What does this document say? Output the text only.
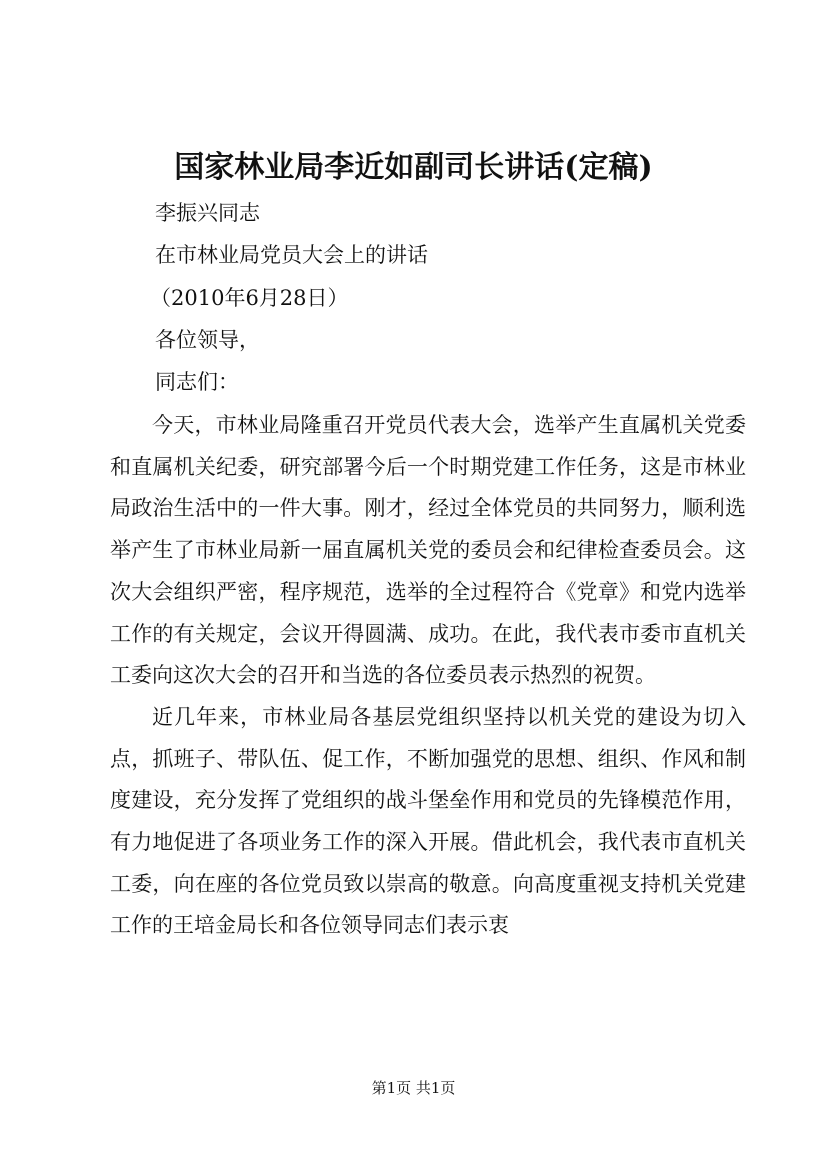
国家林业局李近如副司长讲话(定稿)
李振兴同志
在市林业局党员大会上的讲话
（2010年6月28日）
各位领导，
同志们：

今天，市林业局隆重召开党员代表大会，选举产生直属机关党委和直属机关纪委，研究部署今后一个时期党建工作任务，这是市林业局政治生活中的一件大事。刚才，经过全体党员的共同努力，顺利选举产生了市林业局新一届直属机关党的委员会和纪律检查委员会。这次大会组织严密，程序规范，选举的全过程符合《党章》和党内选举工作的有关规定，会议开得圆满、成功。在此，我代表市委市直机关工委向这次大会的召开和当选的各位委员表示热烈的祝贺。

近几年来，市林业局各基层党组织坚持以机关党的建设为切入点，抓班子、带队伍、促工作，不断加强党的思想、组织、作风和制度建设，充分发挥了党组织的战斗堡垒作用和党员的先锋模范作用，有力地促进了各项业务工作的深入开展。借此机会，我代表市直机关工委，向在座的各位党员致以崇高的敬意。向高度重视支持机关党建工作的王培金局长和各位领导同志们表示衷

第1页 共1页
